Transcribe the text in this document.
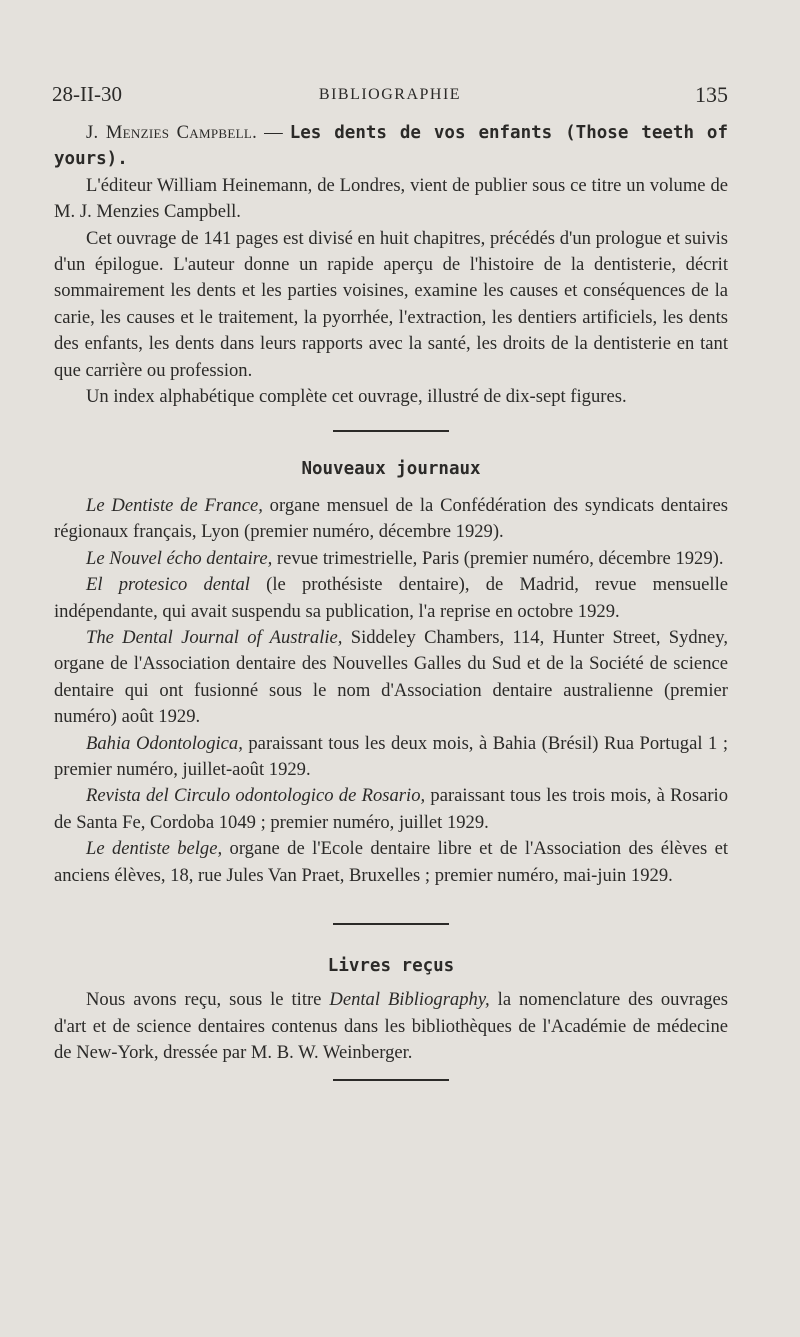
28-II-30	BIBLIOGRAPHIE	135

J. Menzies Campbell. — Les dents de vos enfants (Those teeth of yours).

L'éditeur William Heinemann, de Londres, vient de publier sous ce titre un volume de M. J. Menzies Campbell.

Cet ouvrage de 141 pages est divisé en huit chapitres, précédés d'un prologue et suivis d'un épilogue. L'auteur donne un rapide aperçu de l'histoire de la dentisterie, décrit sommairement les dents et les parties voisines, examine les causes et conséquences de la carie, les causes et le traitement, la pyorrhée, l'extraction, les dentiers artificiels, les dents des enfants, les dents dans leurs rapports avec la santé, les droits de la dentisterie en tant que carrière ou profession.

Un index alphabétique complète cet ouvrage, illustré de dix-sept figures.

Nouveaux journaux

Le Dentiste de France, organe mensuel de la Confédération des syndicats dentaires régionaux français, Lyon (premier numéro, décembre 1929).

Le Nouvel écho dentaire, revue trimestrielle, Paris (premier numéro, décembre 1929).

El protesico dental (le prothésiste dentaire), de Madrid, revue mensuelle indépendante, qui avait suspendu sa publication, l'a reprise en octobre 1929.

The Dental Journal of Australie, Siddeley Chambers, 114, Hunter Street, Sydney, organe de l'Association dentaire des Nouvelles Galles du Sud et de la Société de science dentaire qui ont fusionné sous le nom d'Association dentaire australienne (premier numéro) août 1929.

Bahia Odontologica, paraissant tous les deux mois, à Bahia (Brésil) Rua Portugal 1 ; premier numéro, juillet-août 1929.

Revista del Circulo odontologico de Rosario, paraissant tous les trois mois, à Rosario de Santa Fe, Cordoba 1049 ; premier numéro, juillet 1929.

Le dentiste belge, organe de l'Ecole dentaire libre et de l'Association des élèves et anciens élèves, 18, rue Jules Van Praet, Bruxelles ; premier numéro, mai-juin 1929.

Livres reçus

Nous avons reçu, sous le titre Dental Bibliography, la nomenclature des ouvrages d'art et de science dentaires contenus dans les bibliothèques de l'Académie de médecine de New-York, dressée par M. B. W. Weinberger.
